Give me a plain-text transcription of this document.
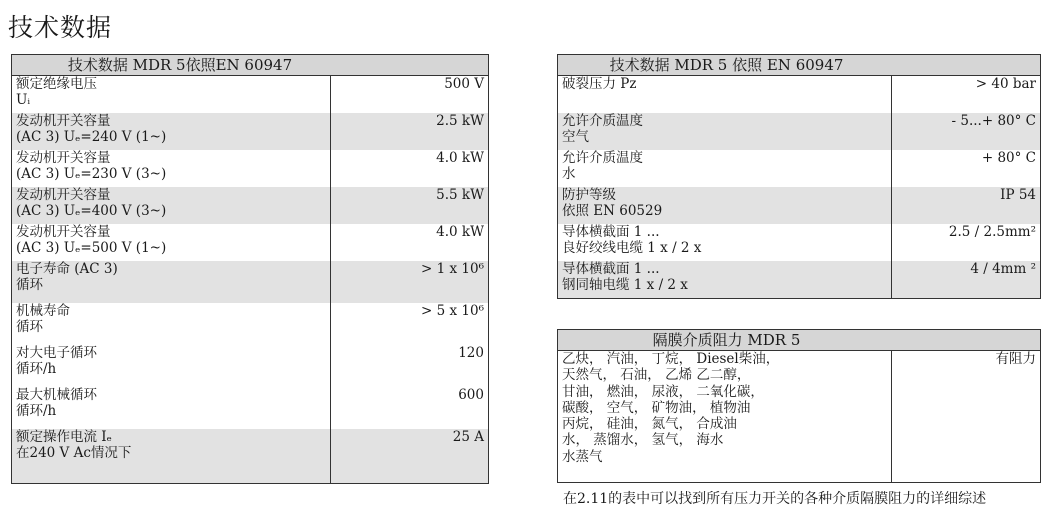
技术数据
技术数据 MDR 5依照EN 60947	

额定绝缘电压
Uᵢ	500 V

发动机开关容量
(AC 3) Uₑ=240 V (1~)	2.5 kW

发动机开关容量
(AC 3) Uₑ=230 V (3~)	4.0 kW

发动机开关容量
(AC 3) Uₑ=400 V (3~)	5.5 kW

发动机开关容量
(AC 3) Uₑ=500 V (1~)	4.0 kW

电子寿命 (AC 3)
循环	> 1 x 10⁶

机械寿命
循环	> 5 x 10⁶

对大电子循环
循环/h	120

最大机械循环
循环/h	600

额定操作电流 Iₑ
在240 V Ac情况下	25 A
技术数据 MDR 5 依照 EN 60947	

破裂压力 Pz	> 40 bar

允许介质温度
空气	- 5...+ 80° C

允许介质温度
水	+ 80° C

防护等级
依照 EN 60529	IP 54

导体横截面 1 ...
良好绞线电缆 1 x / 2 x	2.5 / 2.5mm²

导体横截面 1 ...
钢同轴电缆 1 x / 2 x	4 / 4mm ²
隔膜介质阻力 MDR 5

乙炔， 汽油， 丁烷， Diesel柴油，
天然气， 石油， 乙烯 乙二醇，
甘油， 燃油， 尿液， 二氧化碳，
碳酸， 空气， 矿物油， 植物油
丙烷， 硅油， 氮气， 合成油
水， 蒸馏水， 氢气， 海水
水蒸气
	有阻力
在2.11的表中可以找到所有压力开关的各种介质隔膜阻力的详细综述
